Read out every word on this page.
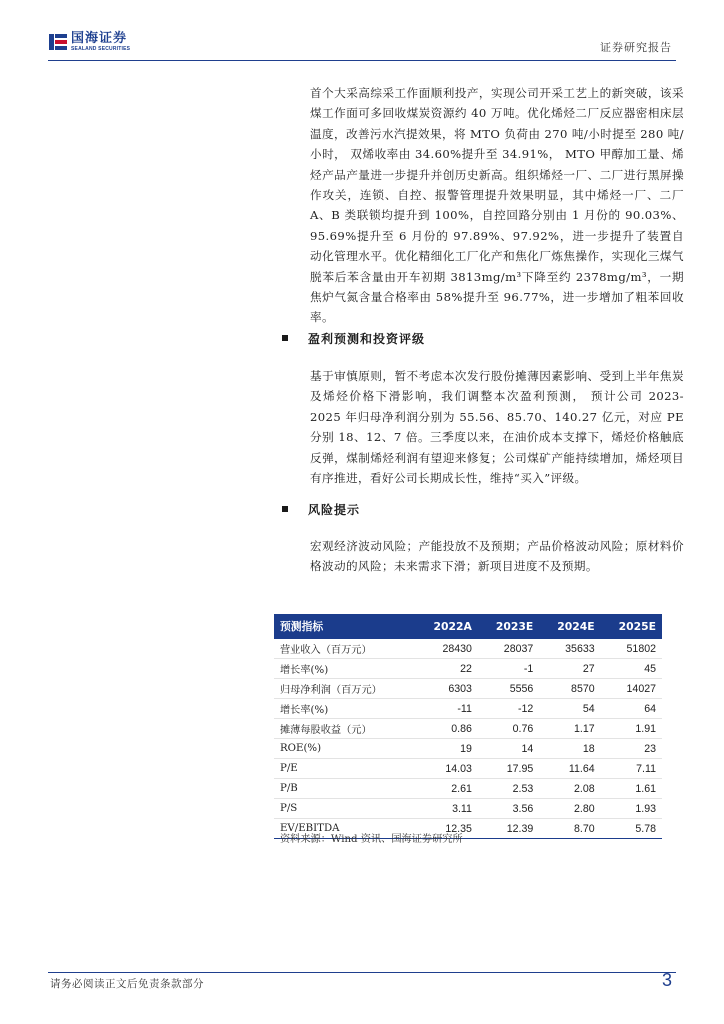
国海证券
SEALAND SECURITIES	证券研究报告

首个大采高综采工作面顺利投产，实现公司开采工艺上的新突破，该采煤工作面可多回收煤炭资源约 40 万吨。优化烯烃二厂反应器密相床层温度，改善污水汽提效果，将 MTO 负荷由 270 吨/小时提至 280 吨/小时， 双烯收率由 34.60%提升至 34.91%， MTO 甲醇加工量、烯烃产品产量进一步提升并创历史新高。组织烯烃一厂、二厂进行黑屏操作攻关，连锁、自控、报警管理提升效果明显，其中烯烃一厂、二厂 A、B 类联锁均提升到 100%，自控回路分别由 1 月份的 90.03%、95.69%提升至 6 月份的 97.89%、97.92%，进一步提升了装置自动化管理水平。优化精细化工厂化产和焦化厂炼焦操作，实现化三煤气脱苯后苯含量由开车初期 3813mg/m³下降至约 2378mg/m³，一期焦炉气氮含量合格率由 58%提升至 96.77%，进一步增加了粗苯回收率。

盈利预测和投资评级

基于审慎原则，暂不考虑本次发行股份摊薄因素影响、受到上半年焦炭及烯烃价格下滑影响，我们调整本次盈利预测， 预计公司 2023-2025 年归母净利润分别为 55.56、85.70、140.27 亿元，对应 PE 分别 18、12、7 倍。三季度以来，在油价成本支撑下，烯烃价格触底反弹，煤制烯烃利润有望迎来修复；公司煤矿产能持续增加，烯烃项目有序推进，看好公司长期成长性，维持“买入”评级。

风险提示

宏观经济波动风险；产能投放不及预期；产品价格波动风险；原材料价格波动的风险；未来需求下滑；新项目进度不及预期。

预测指标	2022A	2023E	2024E	2025E
营业收入（百万元）	28430	28037	35633	51802
增长率(%)	22	-1	27	45
归母净利润（百万元）	6303	5556	8570	14027
增长率(%)	-11	-12	54	64
摊薄每股收益（元）	0.86	0.76	1.17	1.91
ROE(%)	19	14	18	23
P/E	14.03	17.95	11.64	7.11
P/B	2.61	2.53	2.08	1.61
P/S	3.11	3.56	2.80	1.93
EV/EBITDA	12.35	12.39	8.70	5.78
资料来源：Wind 资讯、国海证券研究所
请务必阅读正文后免责条款部分	3
